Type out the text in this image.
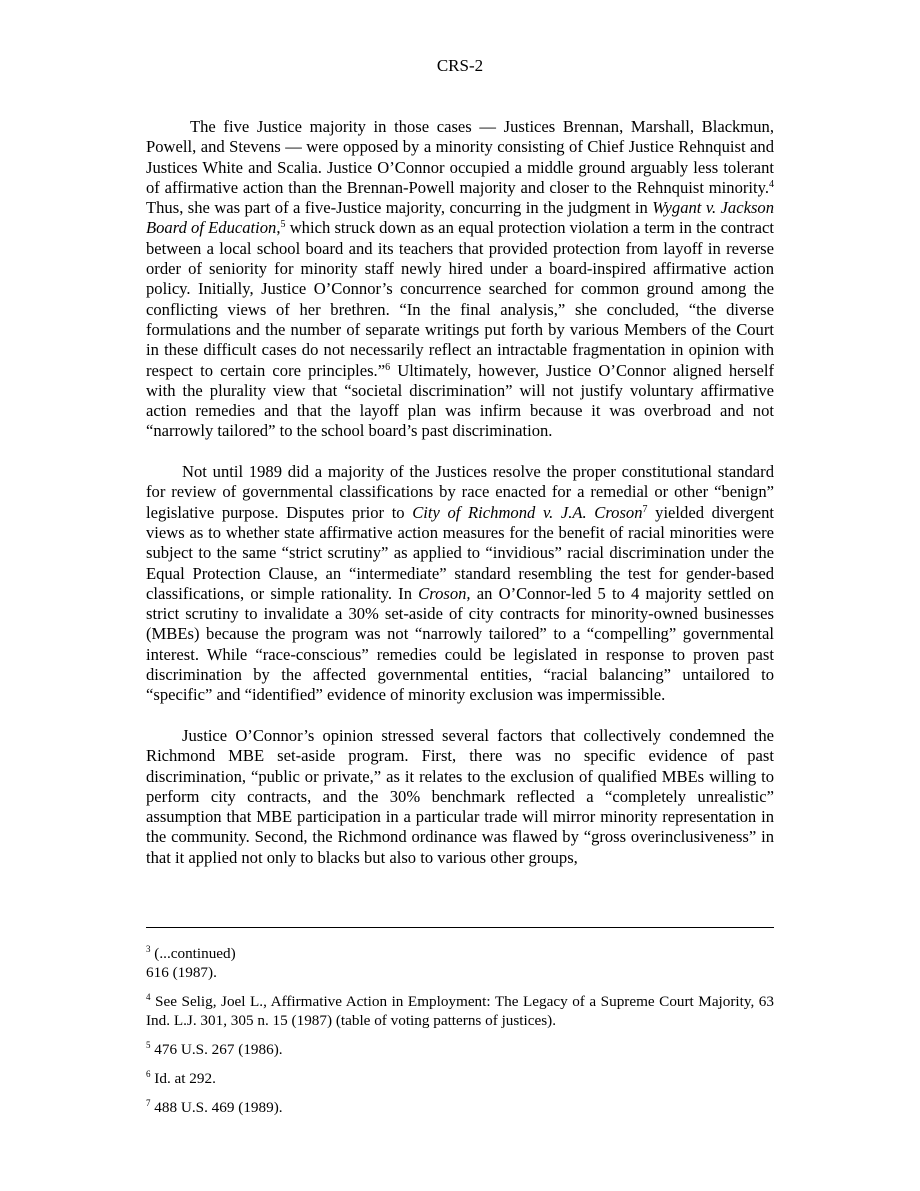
CRS-2

The five Justice majority in those cases — Justices Brennan, Marshall, Blackmun, Powell, and Stevens — were opposed by a minority consisting of Chief Justice Rehnquist and Justices White and Scalia. Justice O’Connor occupied a middle ground arguably less tolerant of affirmative action than the Brennan-Powell majority and closer to the Rehnquist minority.$^4$ Thus, she was part of a five-Justice majority, concurring in the judgment in Wygant v. Jackson Board of Education,$^5$ which struck down as an equal protection violation a term in the contract between a local school board and its teachers that provided protection from layoff in reverse order of seniority for minority staff newly hired under a board-inspired affirmative action policy. Initially, Justice O’Connor’s concurrence searched for common ground among the conflicting views of her brethren. “In the final analysis,” she concluded, “the diverse formulations and the number of separate writings put forth by various Members of the Court in these difficult cases do not necessarily reflect an intractable fragmentation in opinion with respect to certain core principles.”$^6$ Ultimately, however, Justice O’Connor aligned herself with the plurality view that “societal discrimination” will not justify voluntary affirmative action remedies and that the layoff plan was infirm because it was overbroad and not “narrowly tailored” to the school board’s past discrimination.

Not until 1989 did a majority of the Justices resolve the proper constitutional standard for review of governmental classifications by race enacted for a remedial or other “benign” legislative purpose. Disputes prior to City of Richmond v. J.A. Croson$^7$ yielded divergent views as to whether state affirmative action measures for the benefit of racial minorities were subject to the same “strict scrutiny” as applied to “invidious” racial discrimination under the Equal Protection Clause, an “intermediate” standard resembling the test for gender-based classifications, or simple rationality. In Croson, an O’Connor-led 5 to 4 majority settled on strict scrutiny to invalidate a 30% set-aside of city contracts for minority-owned businesses (MBEs) because the program was not “narrowly tailored” to a “compelling” governmental interest. While “race-conscious” remedies could be legislated in response to proven past discrimination by the affected governmental entities, “racial balancing” untailored to “specific” and “identified” evidence of minority exclusion was impermissible.

Justice O’Connor’s opinion stressed several factors that collectively condemned the Richmond MBE set-aside program. First, there was no specific evidence of past discrimination, “public or private,” as it relates to the exclusion of qualified MBEs willing to perform city contracts, and the 30% benchmark reflected a “completely unrealistic” assumption that MBE participation in a particular trade will mirror minority representation in the community. Second, the Richmond ordinance was flawed by “gross overinclusiveness” in that it applied not only to blacks but also to various other groups,

$^3$ (...continued)
616 (1987).
$^4$ See Selig, Joel L., Affirmative Action in Employment: The Legacy of a Supreme Court Majority, 63 Ind. L.J. 301, 305 n. 15 (1987) (table of voting patterns of justices).
$^5$ 476 U.S. 267 (1986).
$^6$ Id. at 292.
$^7$ 488 U.S. 469 (1989).
